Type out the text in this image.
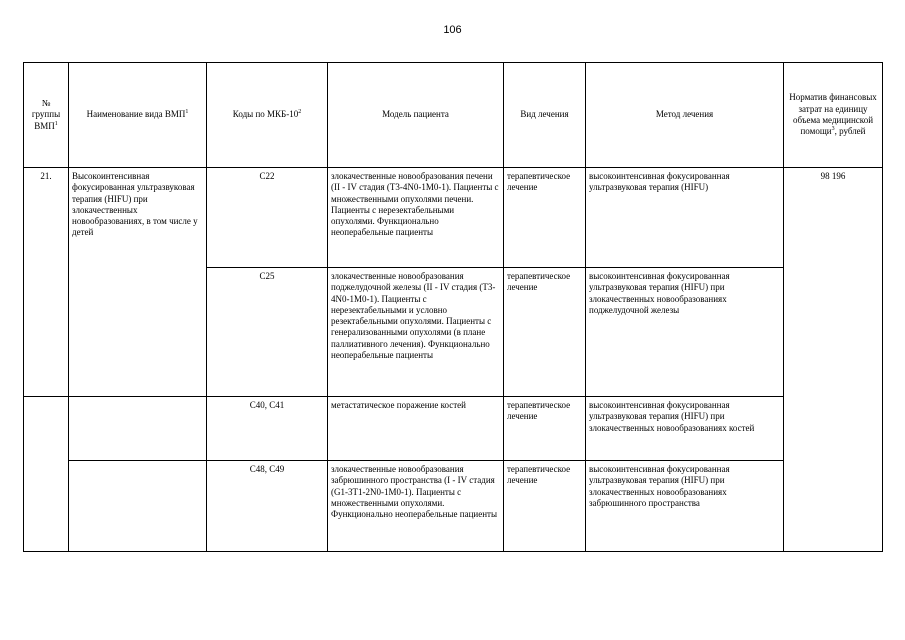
106
№ группы ВМП$^1$	Наименование вида ВМП$^1$	Коды по МКБ-$10^2$	Модель пациента	Вид лечения	Метод лечения	Норматив финансовых затрат на единицу объема медицинской помощи$^3$, рублей
21.	Высокоинтенсивная фокусированная ультразвуковая терапия (HIFU) при злокачественных новообразованиях, в том числе у детей	C22	злокачественные новообразования печени (II - IV стадия (T3-4N0-1M0-1). Пациенты с множественными опухолями печени. Пациенты с нерезектабельными опухолями. Функционально неоперабельные пациенты	терапевтическое лечение	высокоинтенсивная фокусированная ультразвуковая терапия (HIFU)	98 196
		C25	злокачественные новообразования поджелудочной железы (II - IV стадия (T3-4N0-1M0-1). Пациенты с нерезектабельными и условно резектабельными опухолями. Пациенты с генерализованными опухолями (в плане паллиативного лечения). Функционально неоперабельные пациенты	терапевтическое лечение	высокоинтенсивная фокусированная ультразвуковая терапия (HIFU) при злокачественных новообразованиях поджелудочной железы	
		C40, C41	метастатическое поражение костей	терапевтическое лечение	высокоинтенсивная фокусированная ультразвуковая терапия (HIFU) при злокачественных новообразованиях костей	
		C48, C49	злокачественные новообразования забрюшинного пространства (I - IV стадия (G1-3T1-2N0-1M0-1). Пациенты с множественными опухолями. Функционально неоперабельные пациенты	терапевтическое лечение	высокоинтенсивная фокусированная ультразвуковая терапия (HIFU) при злокачественных новообразованиях забрюшинного пространства	
